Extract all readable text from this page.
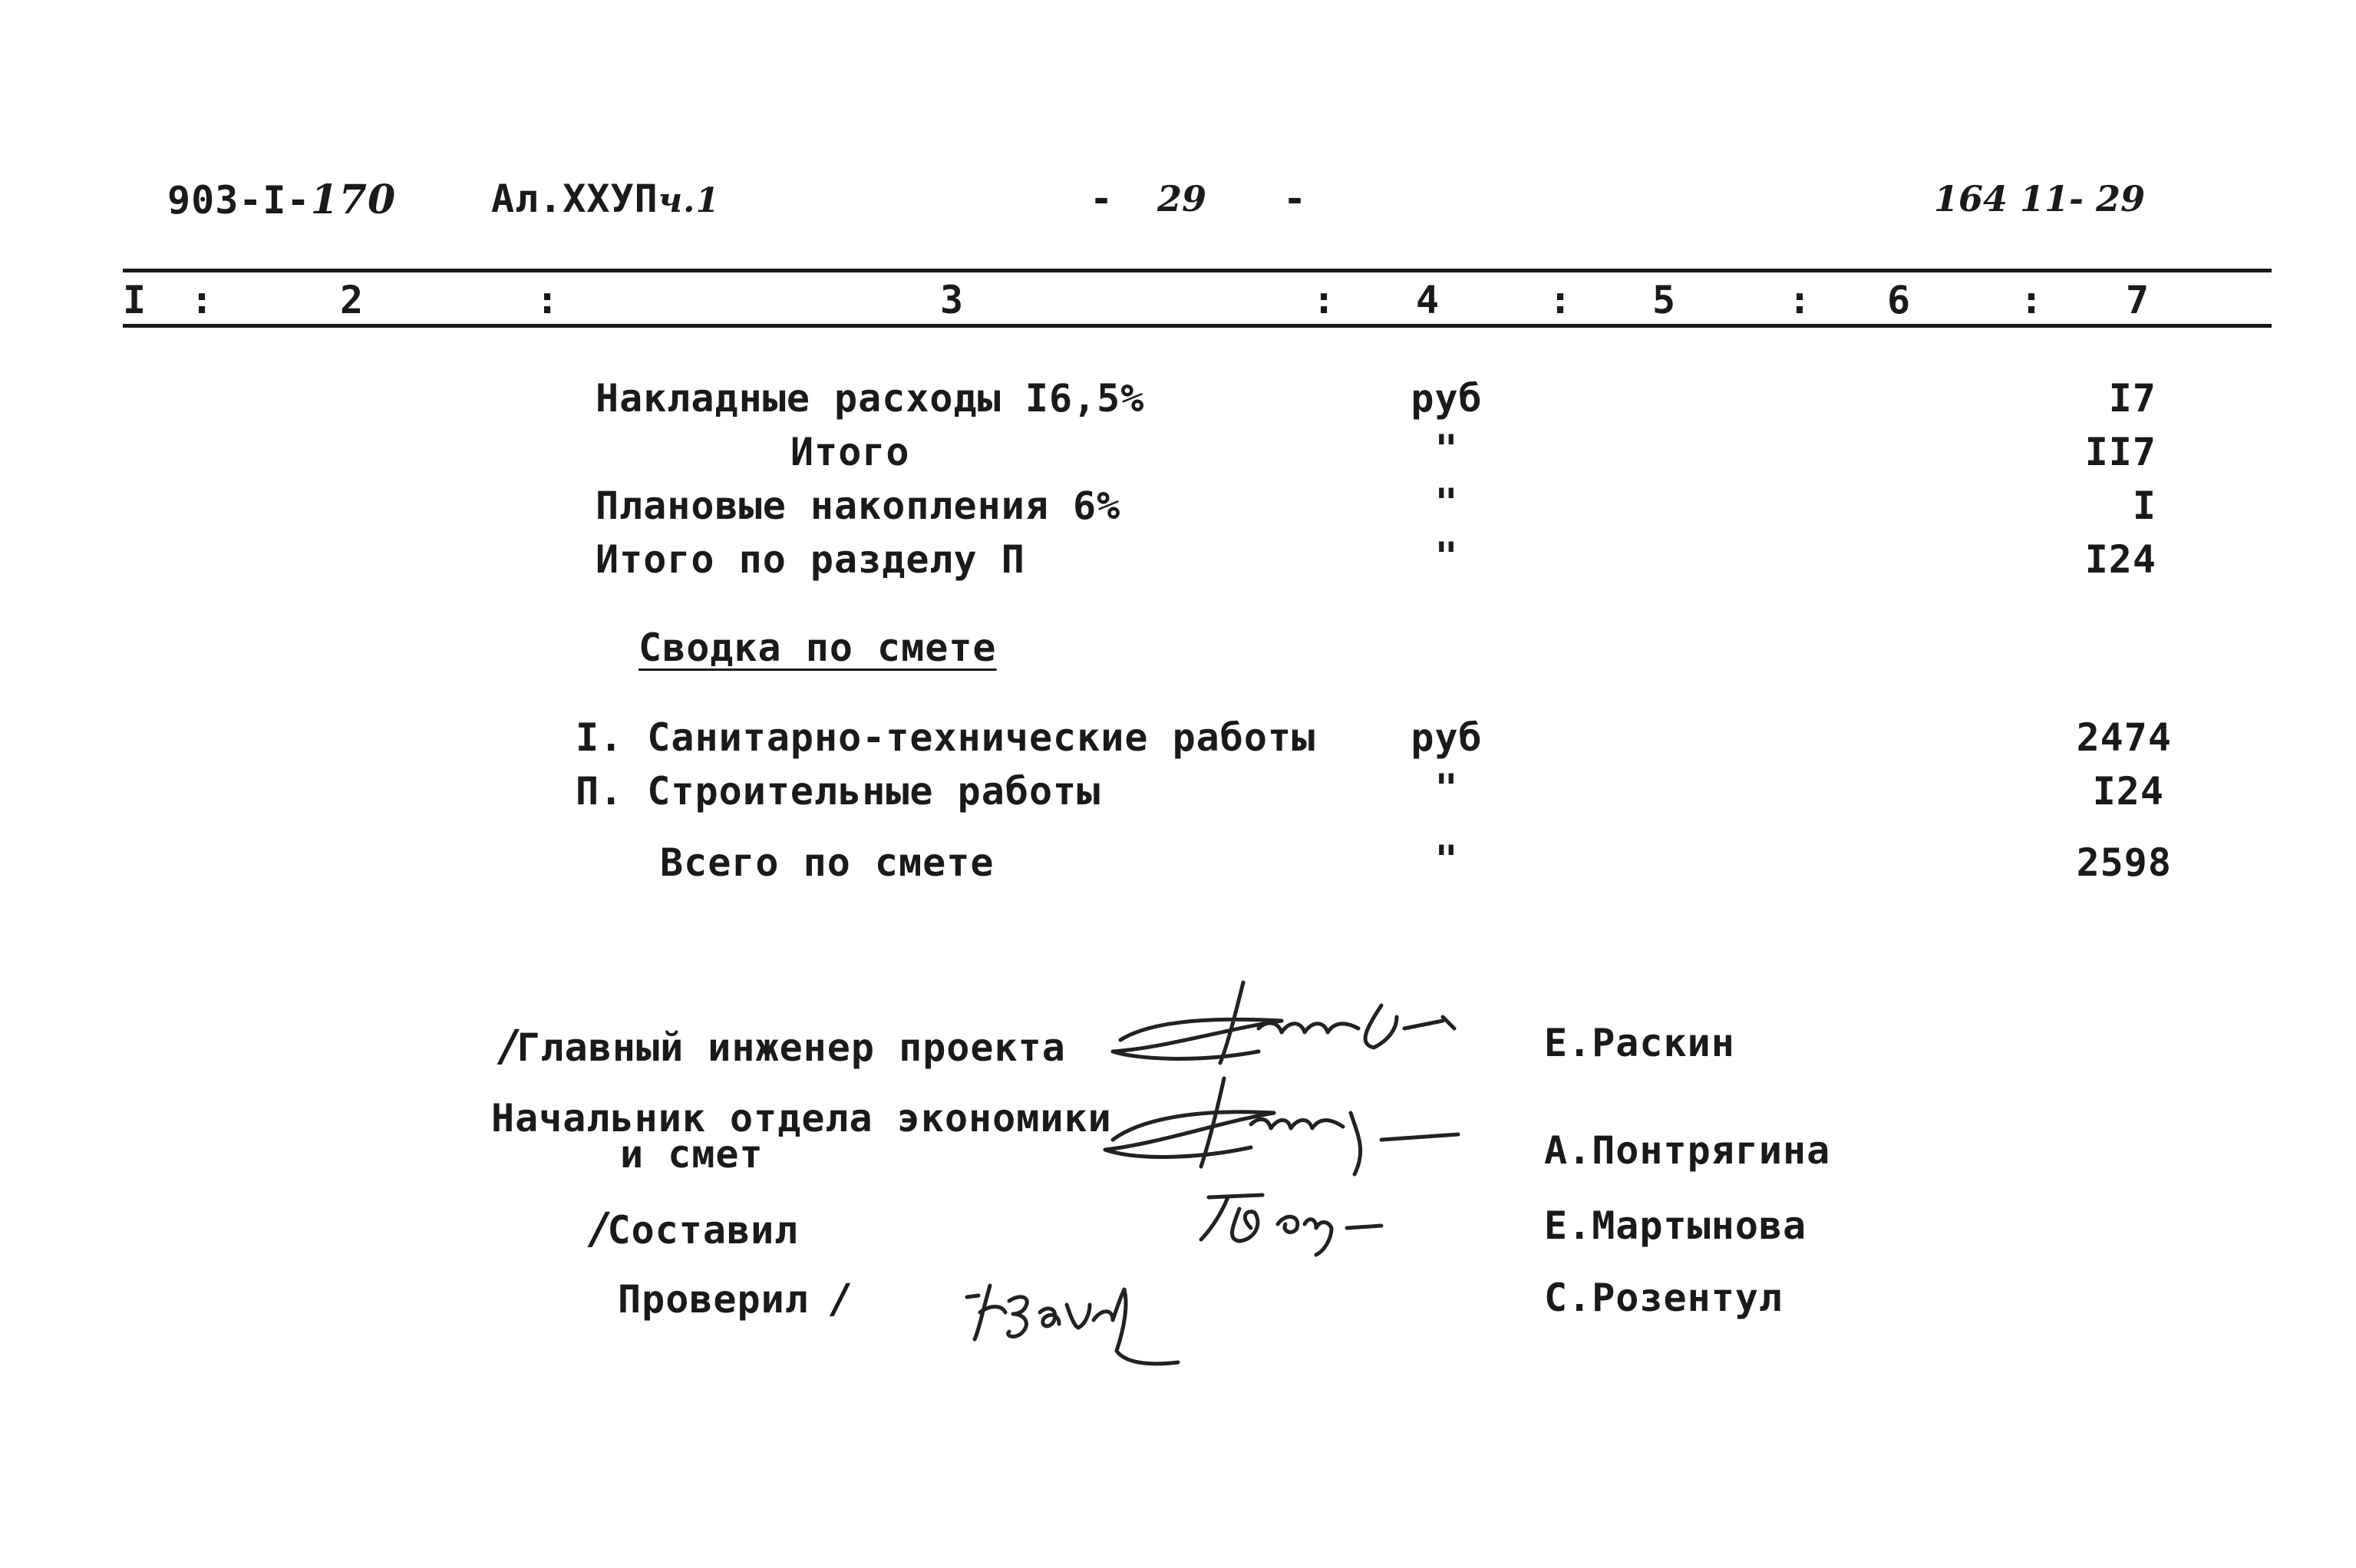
903-I-170 Ал.XXУПч.1	- 29 -	164 11- 29
I	:	2	:	3	:	4	:	5	:	6	:	7
Накладные расходы I6,5%	руб	I7
Итого	"	II7
Плановые накопления 6%	"	I
Итого по разделу П	"	I24
Сводка по смете
I. Санитарно-технические работы руб	2474
П. Строительные работы	"	I24
Всего по смете	"	2598
/Главный инженер проекта	Е.Раскин
Начальник отдела экономики
и смет	А.Понтрягина
/Составил	Е.Мартынова
Проверил /	С.Розентул
